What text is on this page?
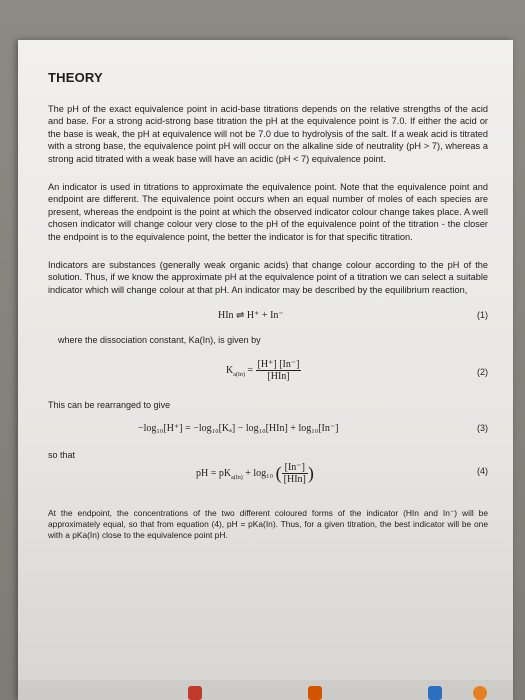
THEORY

The pH of the exact equivalence point in acid-base titrations depends on the relative strengths of the acid and base. For a strong acid-strong base titration the pH at the equivalence point is 7.0. If either the acid or the base is weak, the pH at equivalence will not be 7.0 due to hydrolysis of the salt. If a weak acid is titrated with a strong base, the equivalence point pH will occur on the alkaline side of neutrality (pH > 7), whereas a strong acid titrated with a weak base will have an acidic (pH < 7) equivalence point.

An indicator is used in titrations to approximate the equivalence point. Note that the equivalence point and endpoint are different. The equivalence point occurs when an equal number of moles of each species are present, whereas the endpoint is the point at which the observed indicator colour change takes place. A well chosen indicator will change colour very close to the pH of the equivalence point of the titration - the closer the endpoint is to the equivalence point, the better the indicator is for that specific titration.

Indicators are substances (generally weak organic acids) that change colour according to the pH of the solution. Thus, if we know the approximate pH at the equivalence point of a titration we can select a suitable indicator which will change colour at that pH. An indicator may be described by the equilibrium reaction,

HIn ⇌ H⁺ + In⁻	(1)

where the dissociation constant, Ka(In), is given by

$K_{a(In)} = \frac{[H^+] [In^-]}{\text{[HIn]}}$	(2)

This can be rearranged to give

−log₁₀[H⁺] = −log₁₀[Kₐ] − log₁₀[HIn] + log₁₀[In⁻]	(3)

so that

pH = $pK_{a(In)} + \log_{10}$ ( $\frac{[In^-]}{\text{[HIn]}}$ )	(4)

At the endpoint, the concentrations of the two different coloured forms of the indicator (HIn and In⁻) will be approximately equal, so that from equation (4), pH = pKa(In). Thus, for a given titration, the best indicator will be one with a pKa(In) close to the equivalence point pH.
